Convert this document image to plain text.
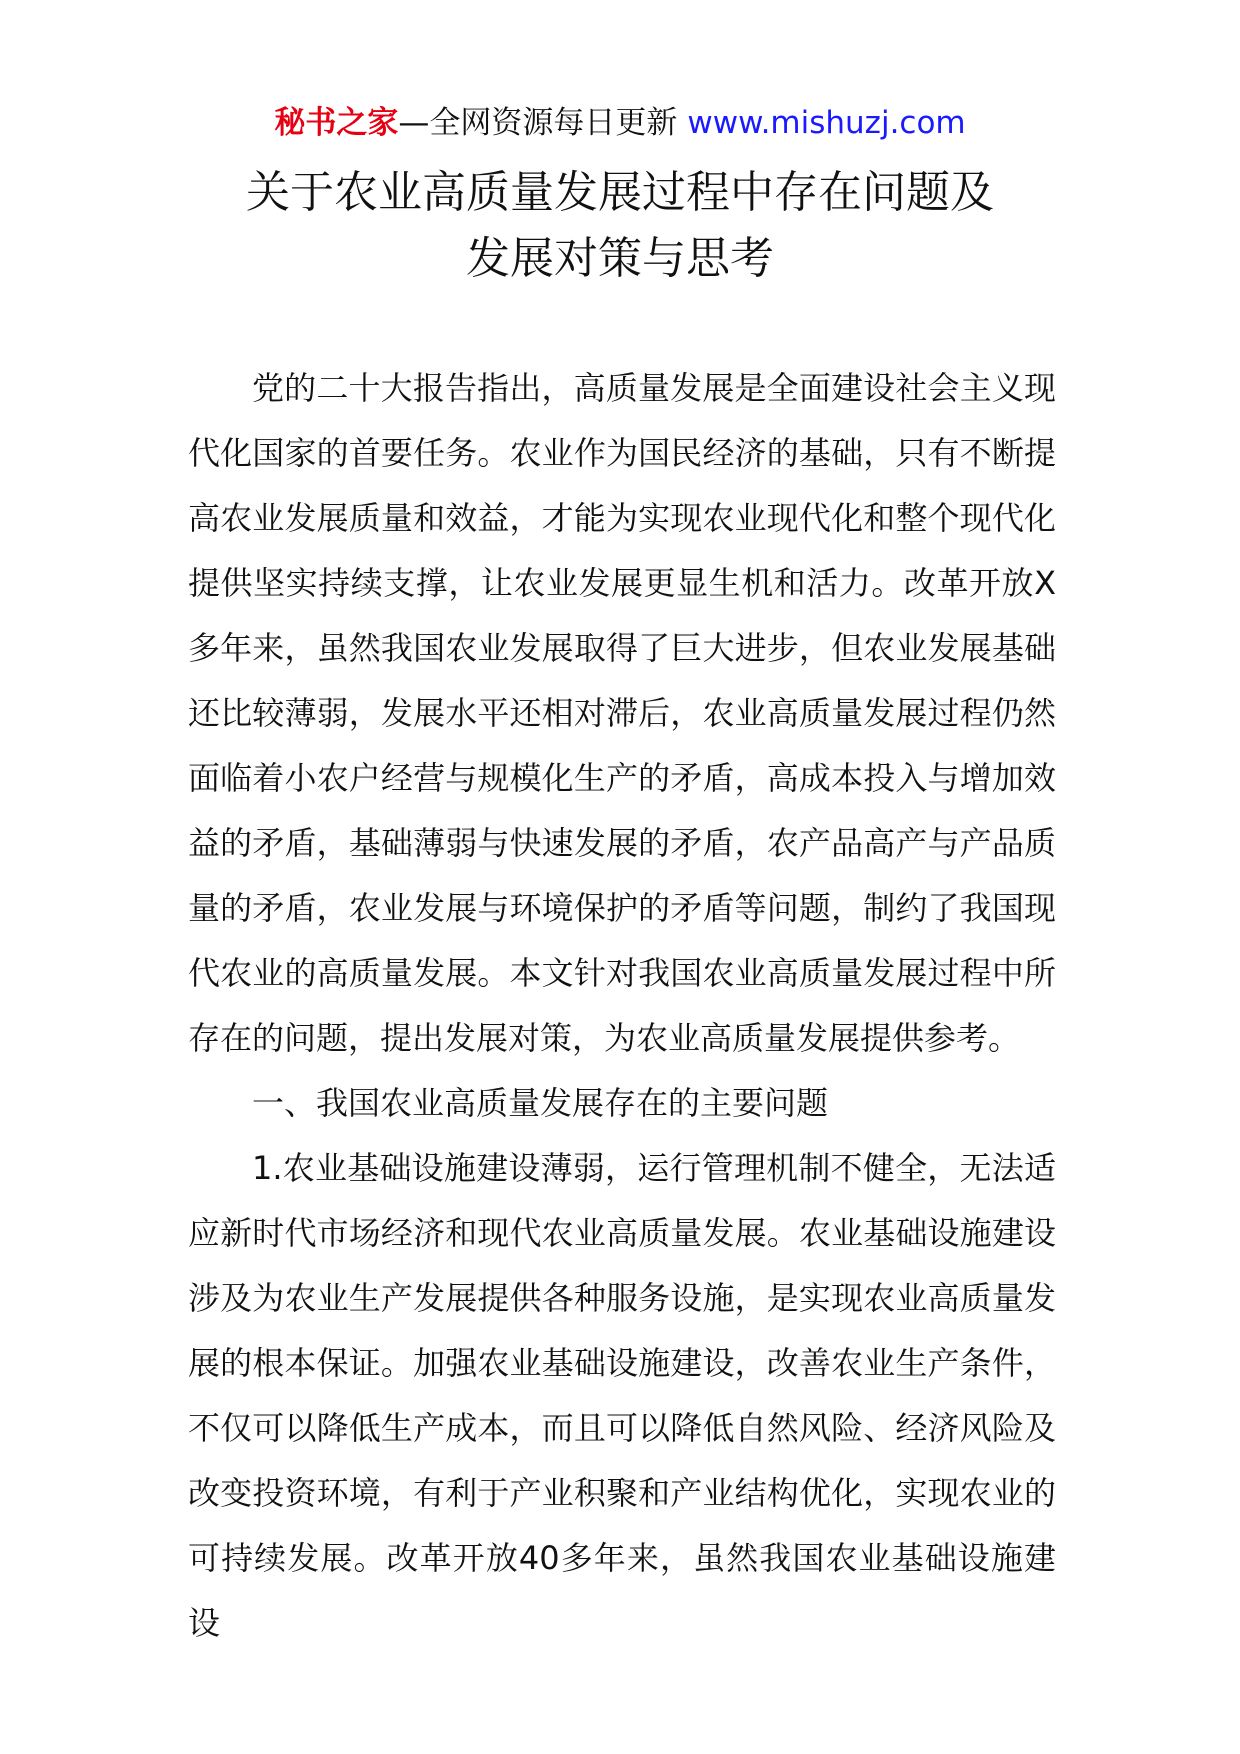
秘书之家—全网资源每日更新 www.mishuzj.com
关于农业高质量发展过程中存在问题及
发展对策与思考

党的二十大报告指出，高质量发展是全面建设社会主义现代化国家的首要任务。农业作为国民经济的基础，只有不断提高农业发展质量和效益，才能为实现农业现代化和整个现代化提供坚实持续支撑，让农业发展更显生机和活力。改革开放X多年来，虽然我国农业发展取得了巨大进步，但农业发展基础还比较薄弱，发展水平还相对滞后，农业高质量发展过程仍然面临着小农户经营与规模化生产的矛盾，高成本投入与增加效益的矛盾，基础薄弱与快速发展的矛盾，农产品高产与产品质量的矛盾，农业发展与环境保护的矛盾等问题，制约了我国现代农业的高质量发展。本文针对我国农业高质量发展过程中所存在的问题，提出发展对策，为农业高质量发展提供参考。

一、我国农业高质量发展存在的主要问题

1.农业基础设施建设薄弱，运行管理机制不健全，无法适应新时代市场经济和现代农业高质量发展。农业基础设施建设涉及为农业生产发展提供各种服务设施，是实现农业高质量发展的根本保证。加强农业基础设施建设，改善农业生产条件，不仅可以降低生产成本，而且可以降低自然风险、经济风险及改变投资环境，有利于产业积聚和产业结构优化，实现农业的可持续发展。改革开放40多年来，虽然我国农业基础设施建设
